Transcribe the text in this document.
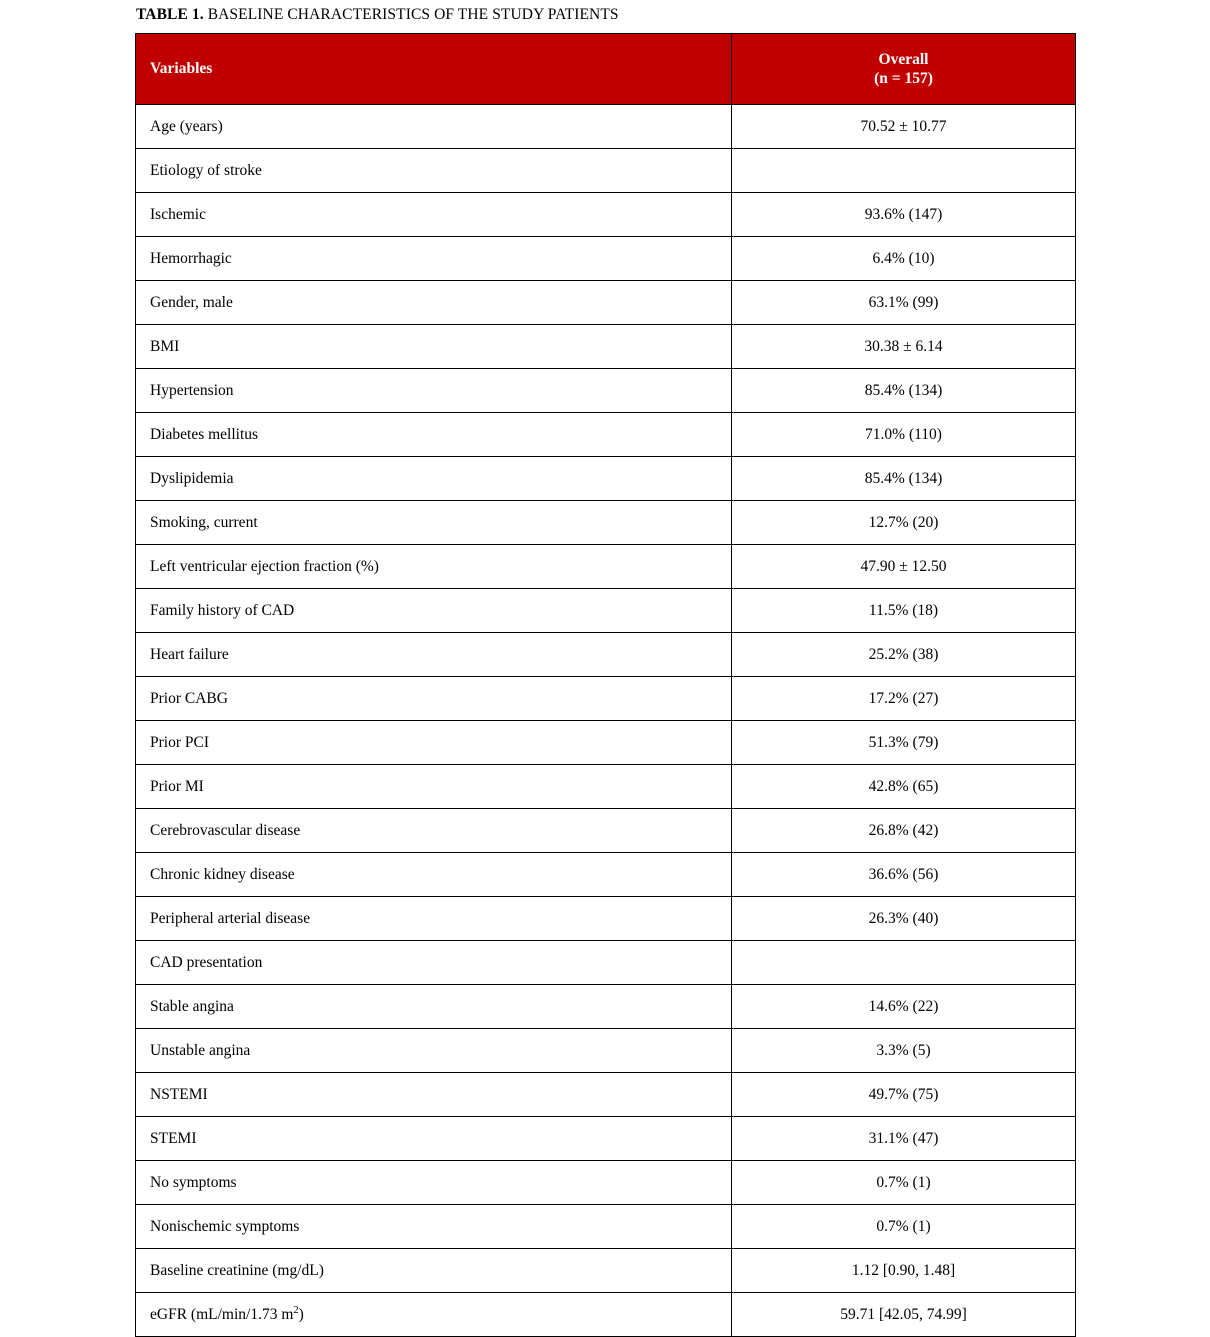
TABLE 1. BASELINE CHARACTERISTICS OF THE STUDY PATIENTS
Variables	Overall
(n = 157)

Age (years)	70.52 ± 10.77
Etiology of stroke	
Ischemic	93.6% (147)
Hemorrhagic	6.4% (10)
Gender, male	63.1% (99)
BMI	30.38 ± 6.14
Hypertension	85.4% (134)
Diabetes mellitus	71.0% (110)
Dyslipidemia	85.4% (134)
Smoking, current	12.7% (20)
Left ventricular ejection fraction (%)	47.90 ± 12.50
Family history of CAD	11.5% (18)
Heart failure	25.2% (38)
Prior CABG	17.2% (27)
Prior PCI	51.3% (79)
Prior MI	42.8% (65)
Cerebrovascular disease	26.8% (42)
Chronic kidney disease	36.6% (56)
Peripheral arterial disease	26.3% (40)
CAD presentation	
Stable angina	14.6% (22)
Unstable angina	3.3% (5)
NSTEMI	49.7% (75)
STEMI	31.1% (47)
No symptoms	0.7% (1)
Nonischemic symptoms	0.7% (1)
Baseline creatinine (mg/dL)	1.12 [0.90, 1.48]
eGFR (mL/min/1.73 $m^2$)	59.71 [42.05, 74.99]
